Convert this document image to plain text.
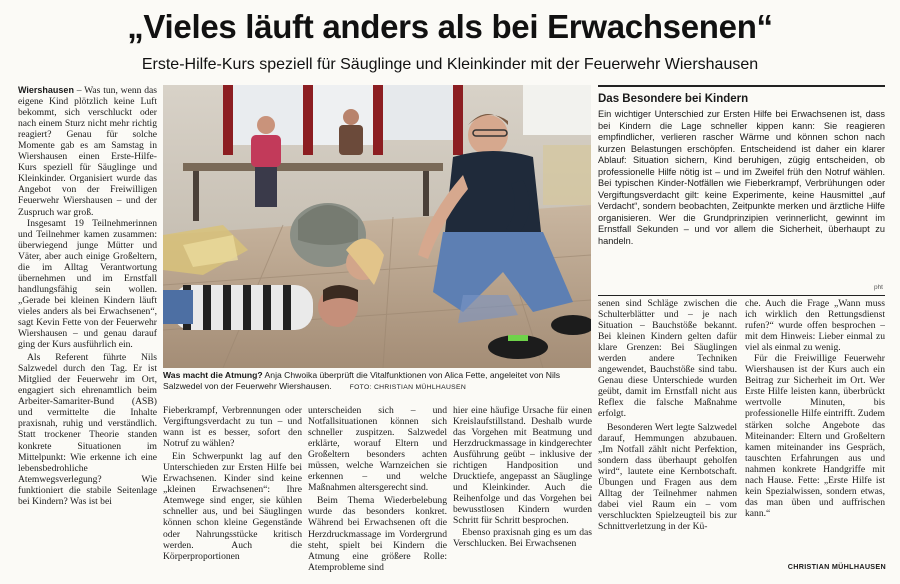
„Vieles läuft anders als bei Erwachsenen“
Erste-Hilfe-Kurs speziell für Säuglinge und Kleinkinder mit der Feuerwehr Wiershausen

Wiershausen – Was tun, wenn das eigene Kind plötzlich keine Luft bekommt, sich verschluckt oder nach einem Sturz nicht mehr richtig reagiert? Genau für solche Momente gab es am Samstag in Wiershausen einen Erste-Hilfe-Kurs speziell für Säuglinge und Kleinkinder. Organisiert wurde das Angebot von der Freiwilligen Feuerwehr Wiershausen – und der Zuspruch war groß.

Insgesamt 19 Teilnehmerinnen und Teilnehmer kamen zusammen: überwiegend junge Mütter und Väter, aber auch einige Großeltern, die im Alltag Verantwortung übernehmen und im Ernstfall handlungsfähig sein wollen. „Gerade bei kleinen Kindern läuft vieles anders als bei Erwachsenen“, sagt Kevin Fette von der Feuerwehr Wiershausen – und genau darauf ging der Kurs ausführlich ein.

Als Referent führte Nils Salzwedel durch den Tag. Er ist Mitglied der Feuerwehr im Ort, engagiert sich ehrenamtlich beim Arbeiter-Samariter-Bund (ASB) und vermittelte die Inhalte praxisnah, ruhig und verständlich. Statt trockener Theorie standen konkrete Situationen im Mittelpunkt: Wie erkenne ich eine lebensbedrohliche Atemwegsverlegung? Wie funktioniert die stabile Seitenlage bei Kindern? Was ist bei

Was macht die Atmung? Anja Chwoika überprüft die Vitalfunktionen von Alica Fette, angeleitet von Nils Salzwedel von der Feuerwehr Wiershausen.	FOTO: CHRISTIAN MÜHLHAUSEN

Fieberkrampf, Verbrennungen oder Vergiftungsverdacht zu tun – und wann ist es besser, sofort den Notruf zu wählen?

Ein Schwerpunkt lag auf den Unterschieden zur Ersten Hilfe bei Erwachsenen. Kinder sind keine „kleinen Erwachsenen“: Ihre Atemwege sind enger, sie kühlen schneller aus, und bei Säuglingen können schon kleine Gegenstände oder Nahrungsstücke kritisch werden. Auch die Körperproportionen

unterscheiden sich – und Notfallsituationen können sich schneller zuspitzen. Salzwedel erklärte, worauf Eltern und Großeltern besonders achten müssen, welche Warnzeichen sie erkennen – und welche Maßnahmen altersgerecht sind.

Beim Thema Wiederbelebung wurde das besonders konkret. Während bei Erwachsenen oft die Herzdruckmassage im Vordergrund steht, spielt bei Kindern die Atmung eine größere Rolle: Atemprobleme sind

hier eine häufige Ursache für einen Kreislaufstillstand. Deshalb wurde das Vorgehen mit Beatmung und Herzdruckmassage in kindgerechter Ausführung geübt – inklusive der richtigen Handposition und Drucktiefe, angepasst an Säuglinge und Kleinkinder. Auch die Reihenfolge und das Vorgehen bei bewusstlosen Kindern wurden Schritt für Schritt besprochen.

Ebenso praxisnah ging es um das Verschlucken. Bei Erwachsenen

Das Besondere bei Kindern
Ein wichtiger Unterschied zur Ersten Hilfe bei Erwachsenen ist, dass bei Kindern die Lage schneller kippen kann: Sie reagieren empfindlicher, verlieren rascher Wärme und können schon nach kurzen Belastungen erschöpfen. Entscheidend ist daher ein klarer Ablauf: Situation sichern, Kind beruhigen, zügig entscheiden, ob professionelle Hilfe nötig ist – und im Zweifel früh den Notruf wählen. Bei typischen Kinder-Notfällen wie Fieberkrampf, Verbrühungen oder Vergiftungsverdacht gilt: keine Experimente, keine Hausmittel „auf Verdacht“, sondern beobachten, Zeitpunkte merken und ärztliche Hilfe organisieren. Wer die Grundprinzipien verinnerlicht, gewinnt im Ernstfall Sekunden – und vor allem die Sicherheit, überhaupt zu handeln.
pht

senen sind Schläge zwischen die Schulterblätter und – je nach Situation – Bauchstöße bekannt. Bei kleinen Kindern gelten dafür klare Grenzen: Bei Säuglingen werden andere Techniken angewendet, Bauchstöße sind tabu. Genau diese Unterschiede wurden geübt, damit im Ernstfall nicht aus Reflex die falsche Maßnahme erfolgt.

Besonderen Wert legte Salzwedel darauf, Hemmungen abzubauen. „Im Notfall zählt nicht Perfektion, sondern dass überhaupt geholfen wird“, lautete eine Kernbotschaft. Übungen und Fragen aus dem Alltag der Teilnehmer nahmen dabei viel Raum ein – vom verschluckten Spielzeugteil bis zur Schnittverletzung in der Kü-

che. Auch die Frage „Wann muss ich wirklich den Rettungsdienst rufen?“ wurde offen besprochen – mit dem Hinweis: Lieber einmal zu viel als einmal zu wenig.

Für die Freiwillige Feuerwehr Wiershausen ist der Kurs auch ein Beitrag zur Sicherheit im Ort. Wer Erste Hilfe leisten kann, überbrückt wertvolle Minuten, bis professionelle Hilfe eintrifft. Zudem stärken solche Angebote das Miteinander: Eltern und Großeltern kamen miteinander ins Gespräch, tauschten Erfahrungen aus und nahmen konkrete Handgriffe mit nach Hause. Fette: „Erste Hilfe ist kein Spezialwissen, sondern etwas, das man üben und auffrischen kann.“

CHRISTIAN MÜHLHAUSEN
